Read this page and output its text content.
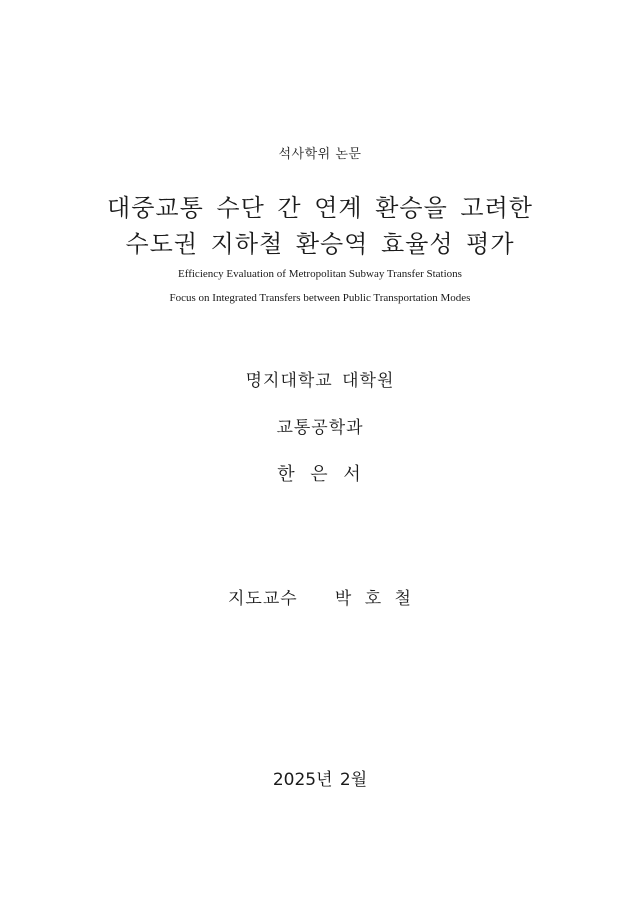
석사학위 논문
대중교통 수단 간 연계 환승을 고려한
수도권 지하철 환승역 효율성 평가
Efficiency Evaluation of Metropolitan Subway Transfer Stations
Focus on Integrated Transfers between Public Transportation Modes
명지대학교 대학원
교통공학과
한 은 서
지도교수   박 호 철
2025년 2월
